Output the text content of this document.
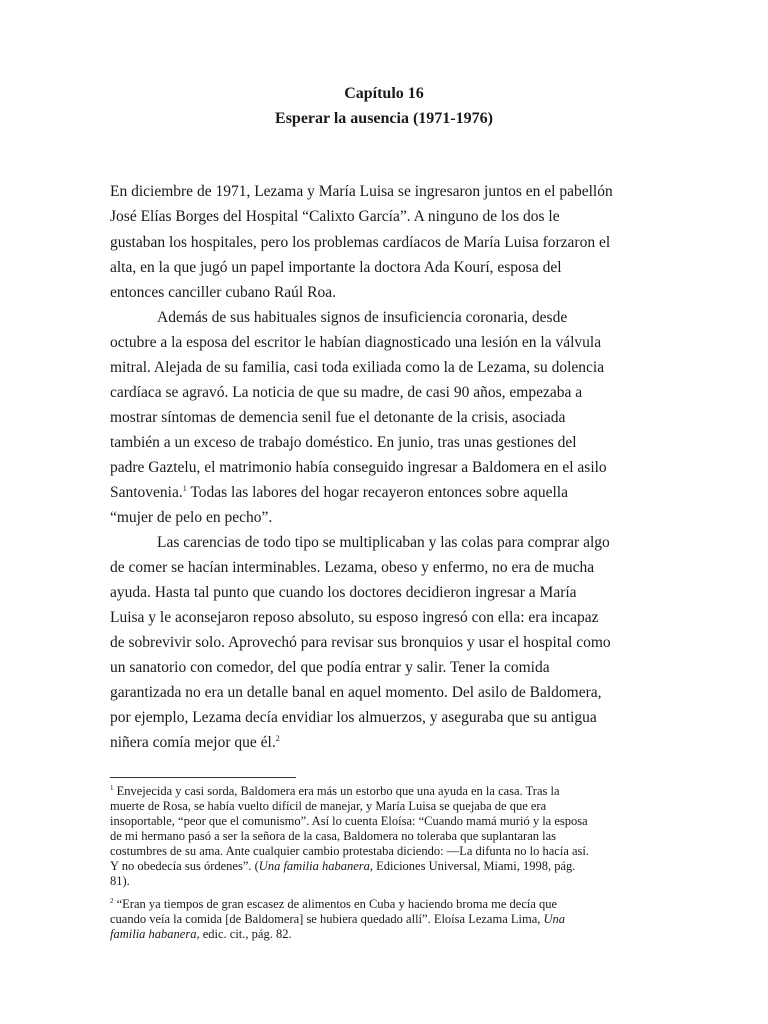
Capítulo 16
Esperar la ausencia (1971-1976)
En diciembre de 1971, Lezama y María Luisa se ingresaron juntos en el pabellón
José Elías Borges del Hospital “Calixto García”. A ninguno de los dos le
gustaban los hospitales, pero los problemas cardíacos de María Luisa forzaron el
alta, en la que jugó un papel importante la doctora Ada Kourí, esposa del
entonces canciller cubano Raúl Roa.
Además de sus habituales signos de insuficiencia coronaria, desde
octubre a la esposa del escritor le habían diagnosticado una lesión en la válvula
mitral. Alejada de su familia, casi toda exiliada como la de Lezama, su dolencia
cardíaca se agravó. La noticia de que su madre, de casi 90 años, empezaba a
mostrar síntomas de demencia senil fue el detonante de la crisis, asociada
también a un exceso de trabajo doméstico. En junio, tras unas gestiones del
padre Gaztelu, el matrimonio había conseguido ingresar a Baldomera en el asilo
Santovenia.$^1$ Todas las labores del hogar recayeron entonces sobre aquella
“mujer de pelo en pecho”.
Las carencias de todo tipo se multiplicaban y las colas para comprar algo
de comer se hacían interminables. Lezama, obeso y enfermo, no era de mucha
ayuda. Hasta tal punto que cuando los doctores decidieron ingresar a María
Luisa y le aconsejaron reposo absoluto, su esposo ingresó con ella: era incapaz
de sobrevivir solo. Aprovechó para revisar sus bronquios y usar el hospital como
un sanatorio con comedor, del que podía entrar y salir. Tener la comida
garantizada no era un detalle banal en aquel momento. Del asilo de Baldomera,
por ejemplo, Lezama decía envidiar los almuerzos, y aseguraba que su antigua
niñera comía mejor que él.$^2$
$^1$ Envejecida y casi sorda, Baldomera era más un estorbo que una ayuda en la casa. Tras la
muerte de Rosa, se había vuelto difícil de manejar, y María Luisa se quejaba de que era
insoportable, “peor que el comunismo”. Así lo cuenta Eloísa: “Cuando mamá murió y la esposa
de mi hermano pasó a ser la señora de la casa, Baldomera no toleraba que suplantaran las
costumbres de su ama. Ante cualquier cambio protestaba diciendo: —La difunta no lo hacía así.
Y no obedecía sus órdenes”. (Una familia habanera, Ediciones Universal, Miami, 1998, pág.
81).
$^2$ “Eran ya tiempos de gran escasez de alimentos en Cuba y haciendo broma me decía que
cuando veía la comida [de Baldomera] se hubiera quedado allí”. Eloísa Lezama Lima, Una
familia habanera, edic. cit., pág. 82.
